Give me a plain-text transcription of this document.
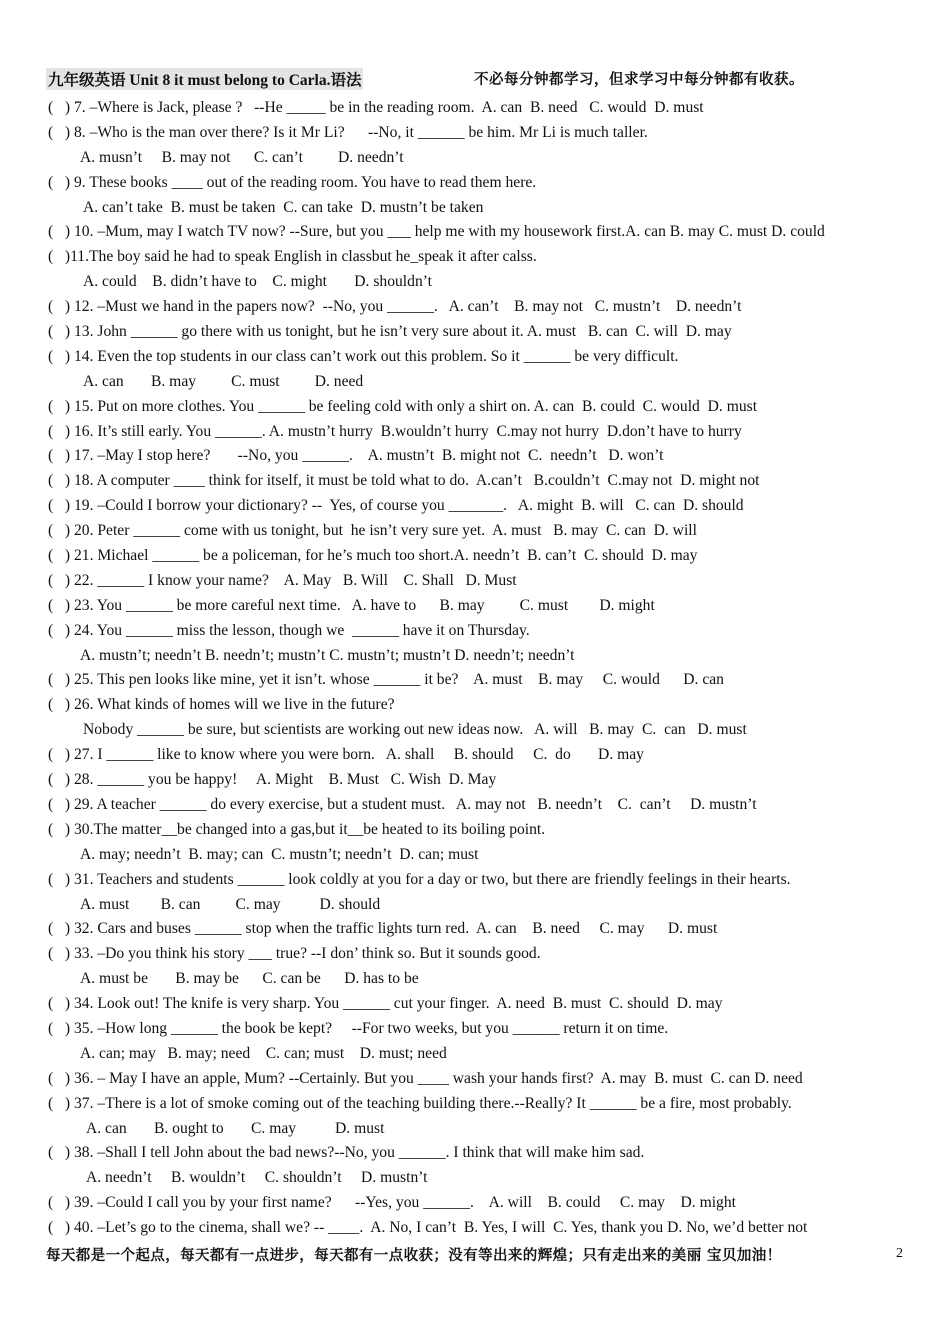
九年级英语 Unit 8 it must belong to Carla.语法	不必每分钟都学习，但求学习中每分钟都有收获。
(   ) 7. –Where is Jack, please ?   --He _____ be in the reading room.  A. can  B. need   C. would  D. must
(   ) 8. –Who is the man over there? Is it Mr Li?      --No, it ______ be him. Mr Li is much taller.
A. musn’t     B. may not      C. can’t         D. needn’t
(   ) 9. These books ____ out of the reading room. You have to read them here.
A. can’t take  B. must be taken  C. can take  D. mustn’t be taken
(   ) 10. –Mum, may I watch TV now? --Sure, but you ___ help me with my housework first.A. can B. may C. must D. could
(   )11.The boy said he had to speak English in classbut he_speak it after calss.
A. could    B. didn’t have to    C. might       D. shouldn’t
(   ) 12. –Must we hand in the papers now?  --No, you ______.   A. can’t    B. may not   C. mustn’t    D. needn’t
(   ) 13. John ______ go there with us tonight, but he isn’t very sure about it. A. must   B. can  C. will  D. may
(   ) 14. Even the top students in our class can’t work out this problem. So it ______ be very difficult.
A. can       B. may         C. must         D. need
(   ) 15. Put on more clothes. You ______ be feeling cold with only a shirt on. A. can  B. could  C. would  D. must
(   ) 16. It’s still early. You ______. A. mustn’t hurry  B.wouldn’t hurry  C.may not hurry  D.don’t have to hurry
(   ) 17. –May I stop here?       --No, you ______.    A. mustn’t  B. might not  C.  needn’t   D. won’t
(   ) 18. A computer ____ think for itself, it must be told what to do.  A.can’t   B.couldn’t  C.may not  D. might not
(   ) 19. –Could I borrow your dictionary? --  Yes, of course you _______.   A. might  B. will   C. can  D. should
(   ) 20. Peter ______ come with us tonight, but  he isn’t very sure yet.  A. must   B. may  C. can  D. will
(   ) 21. Michael ______ be a policeman, for he’s much too short.A. needn’t  B. can’t  C. should  D. may
(   ) 22. ______ I know your name?    A. May   B. Will    C. Shall   D. Must
(   ) 23. You ______ be more careful next time.   A. have to      B. may         C. must        D. might
(   ) 24. You ______ miss the lesson, though we  ______ have it on Thursday.
A. mustn’t; needn’t B. needn’t; mustn’t C. mustn’t; mustn’t D. needn’t; needn’t
(   ) 25. This pen looks like mine, yet it isn’t. whose ______ it be?    A. must    B. may     C. would      D. can
(   ) 26. What kinds of homes will we live in the future?
Nobody ______ be sure, but scientists are working out new ideas now.   A. will   B. may  C.  can   D. must
(   ) 27. I ______ like to know where you were born.   A. shall     B. should     C.  do       D. may
(   ) 28. ______ you be happy!     A. Might    B. Must   C. Wish  D. May
(   ) 29. A teacher ______ do every exercise, but a student must.   A. may not   B. needn’t    C.  can’t     D. mustn’t
(   ) 30.The matter__be changed into a gas,but it__be heated to its boiling point.
A. may; needn’t  B. may; can  C. mustn’t; needn’t  D. can; must
(   ) 31. Teachers and students ______ look coldly at you for a day or two, but there are friendly feelings in their hearts.
A. must        B. can         C. may          D. should
(   ) 32. Cars and buses ______ stop when the traffic lights turn red.  A. can    B. need     C. may      D. must
(   ) 33. –Do you think his story ___ true? --I don’ think so. But it sounds good.
A. must be       B. may be      C. can be      D. has to be
(   ) 34. Look out! The knife is very sharp. You ______ cut your finger.  A. need  B. must  C. should  D. may
(   ) 35. –How long ______ the book be kept?     --For two weeks, but you ______ return it on time.
A. can; may   B. may; need    C. can; must    D. must; need
(   ) 36. – May I have an apple, Mum? --Certainly. But you ____ wash your hands first?  A. may  B. must  C. can D. need
(   ) 37. –There is a lot of smoke coming out of the teaching building there.--Really? It ______ be a fire, most probably.
A. can       B. ought to       C. may          D. must
(   ) 38. –Shall I tell John about the bad news?--No, you ______. I think that will make him sad.
A. needn’t     B. wouldn’t     C. shouldn’t     D. mustn’t
(   ) 39. –Could I call you by your first name?      --Yes, you ______.    A. will    B. could     C. may    D. might
(   ) 40. –Let’s go to the cinema, shall we? -- ____.  A. No, I can’t  B. Yes, I will  C. Yes, thank you D. No, we’d better not
每天都是一个起点，每天都有一点进步，每天都有一点收获；没有等出来的辉煌；只有走出来的美丽 宝贝加油！	2
